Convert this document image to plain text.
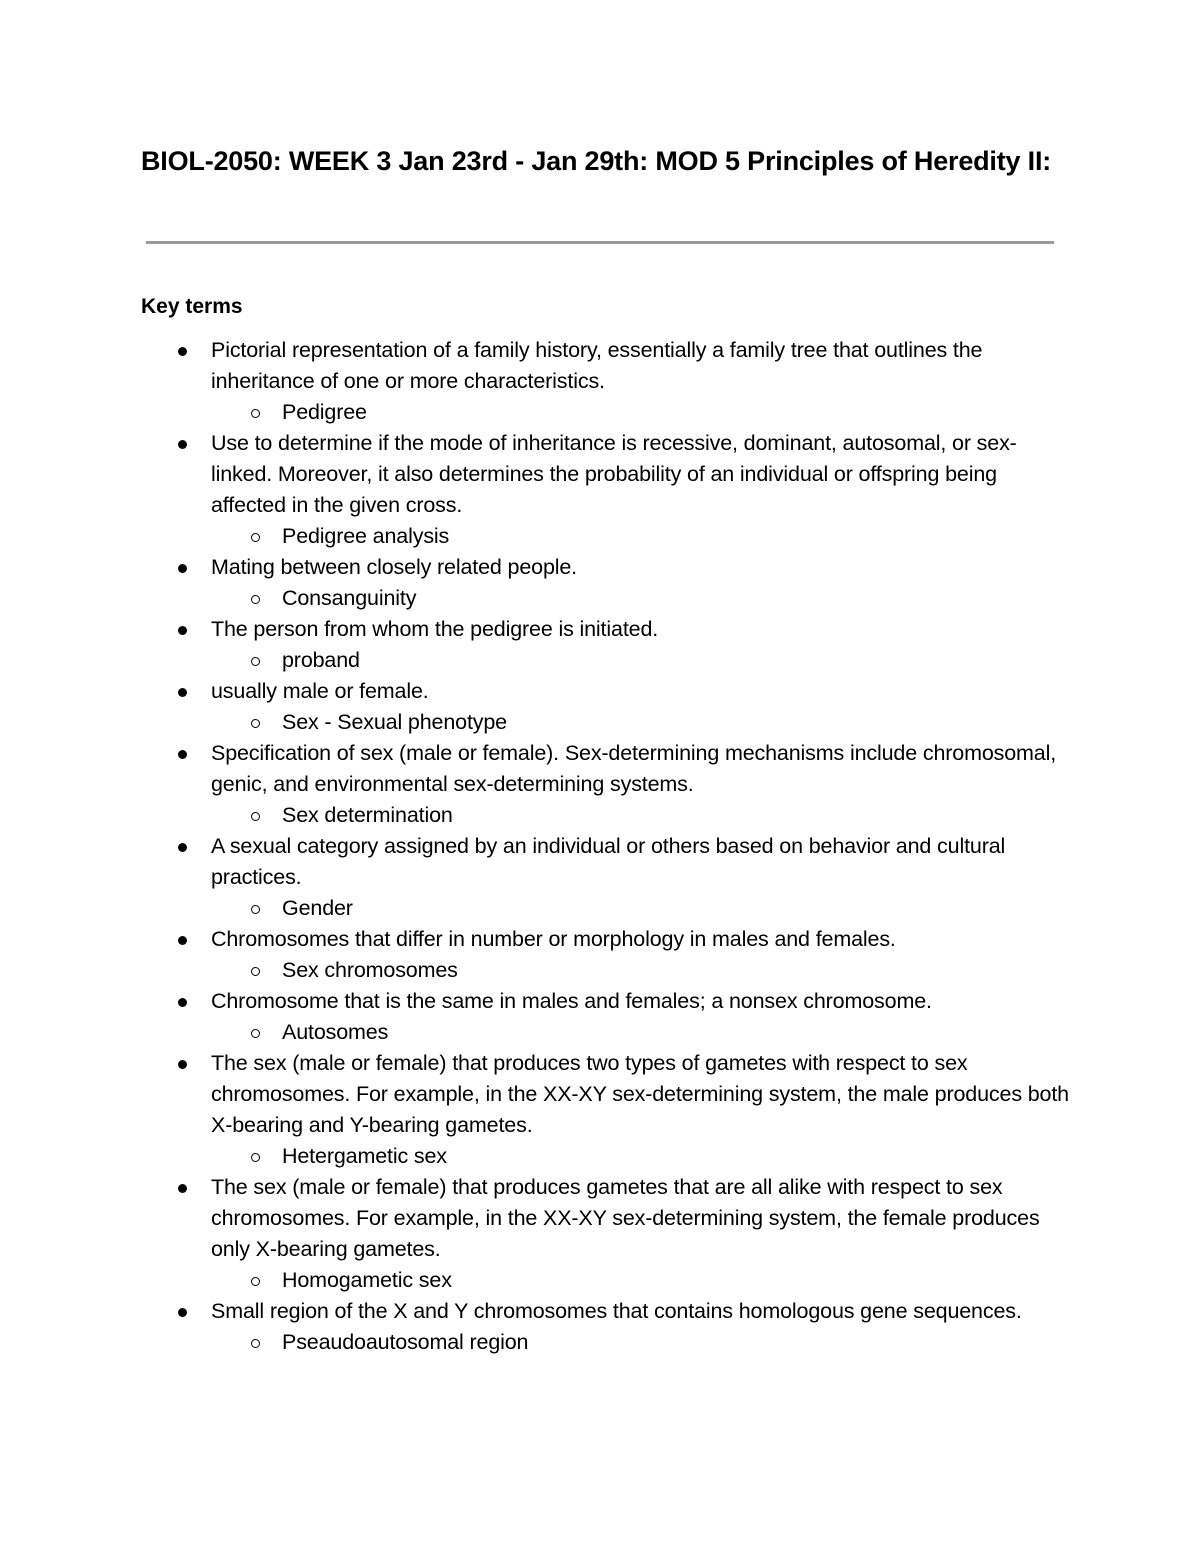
BIOL-2050: WEEK 3 Jan 23rd - Jan 29th: MOD 5 Principles of Heredity II:
Key terms
Pictorial representation of a family history, essentially a family tree that outlines the inheritance of one or more characteristics.
Pedigree
Use to determine if the mode of inheritance is recessive, dominant, autosomal, or sex-linked. Moreover, it also determines the probability of an individual or offspring being affected in the given cross.
Pedigree analysis
Mating between closely related people.
Consanguinity
The person from whom the pedigree is initiated.
proband
usually male or female.
Sex - Sexual phenotype
Specification of sex (male or female). Sex-determining mechanisms include chromosomal, genic, and environmental sex-determining systems.
Sex determination
A sexual category assigned by an individual or others based on behavior and cultural practices.
Gender
Chromosomes that differ in number or morphology in males and females.
Sex chromosomes
Chromosome that is the same in males and females; a nonsex chromosome.
Autosomes
The sex (male or female) that produces two types of gametes with respect to sex chromosomes. For example, in the XX-XY sex-determining system, the male produces both X-bearing and Y-bearing gametes.
Hetergametic sex
The sex (male or female) that produces gametes that are all alike with respect to sex chromosomes. For example, in the XX-XY sex-determining system, the female produces only X-bearing gametes.
Homogametic sex
Small region of the X and Y chromosomes that contains homologous gene sequences.
Pseaudoautosomal region
